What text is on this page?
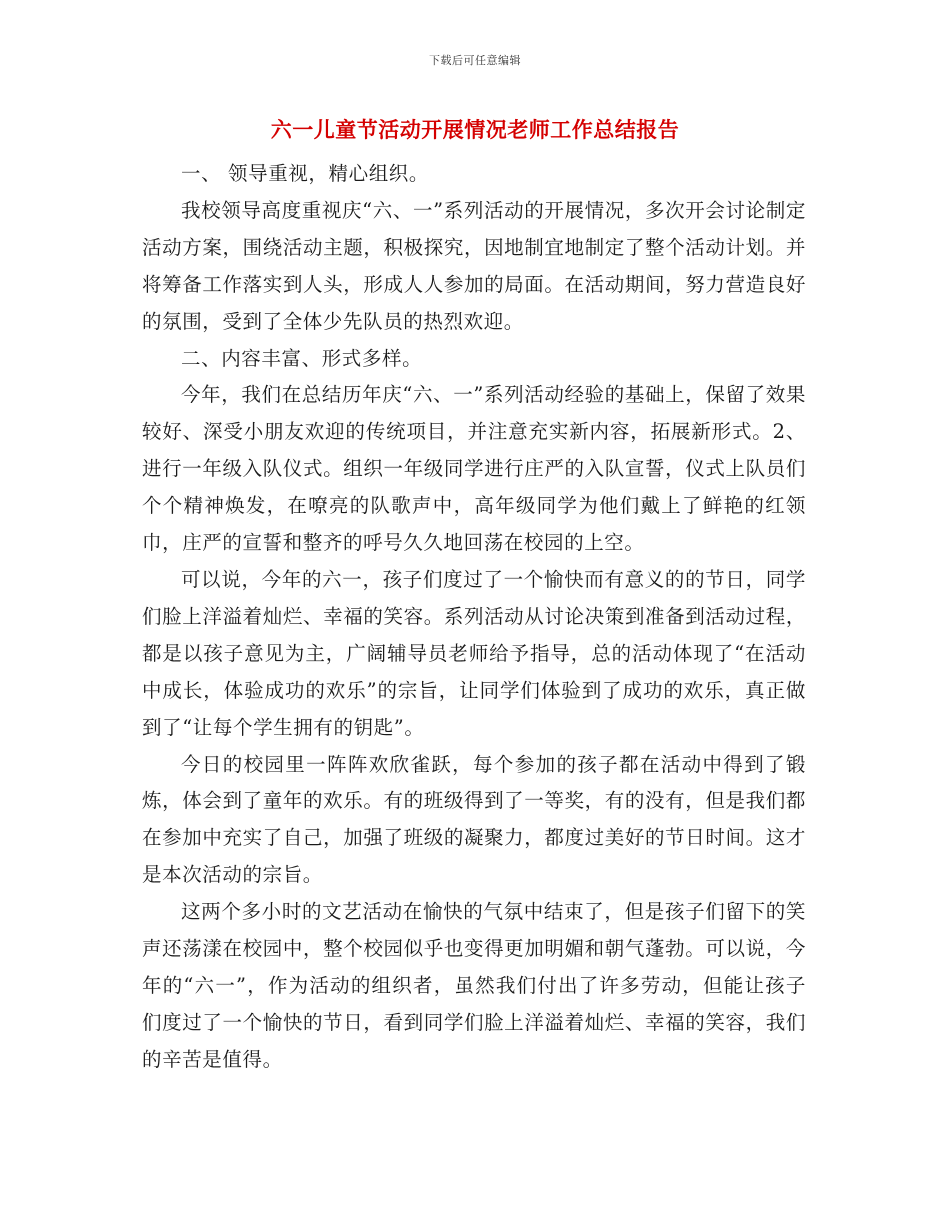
下载后可任意编辑
六一儿童节活动开展情况老师工作总结报告

一、 领导重视，精心组织。

我校领导高度重视庆“六、一”系列活动的开展情况，多次开会讨论制定活动方案，围绕活动主题，积极探究，因地制宜地制定了整个活动计划。并将筹备工作落实到人头，形成人人参加的局面。在活动期间，努力营造良好的氛围，受到了全体少先队员的热烈欢迎。

二、内容丰富、形式多样。

今年，我们在总结历年庆“六、一”系列活动经验的基础上，保留了效果较好、深受小朋友欢迎的传统项目，并注意充实新内容，拓展新形式。2、进行一年级入队仪式。组织一年级同学进行庄严的入队宣誓，仪式上队员们个个精神焕发，在嘹亮的队歌声中，高年级同学为他们戴上了鲜艳的红领巾，庄严的宣誓和整齐的呼号久久地回荡在校园的上空。

可以说，今年的六一，孩子们度过了一个愉快而有意义的的节日，同学们脸上洋溢着灿烂、幸福的笑容。系列活动从讨论决策到准备到活动过程，都是以孩子意见为主，广阔辅导员老师给予指导，总的活动体现了“在活动中成长，体验成功的欢乐”的宗旨，让同学们体验到了成功的欢乐，真正做到了“让每个学生拥有的钥匙”。

今日的校园里一阵阵欢欣雀跃，每个参加的孩子都在活动中得到了锻炼，体会到了童年的欢乐。有的班级得到了一等奖，有的没有，但是我们都在参加中充实了自己，加强了班级的凝聚力，都度过美好的节日时间。这才是本次活动的宗旨。

这两个多小时的文艺活动在愉快的气氛中结束了，但是孩子们留下的笑声还荡漾在校园中，整个校园似乎也变得更加明媚和朝气蓬勃。可以说，今年的“六一”，作为活动的组织者，虽然我们付出了许多劳动，但能让孩子们度过了一个愉快的节日，看到同学们脸上洋溢着灿烂、幸福的笑容，我们的辛苦是值得。
